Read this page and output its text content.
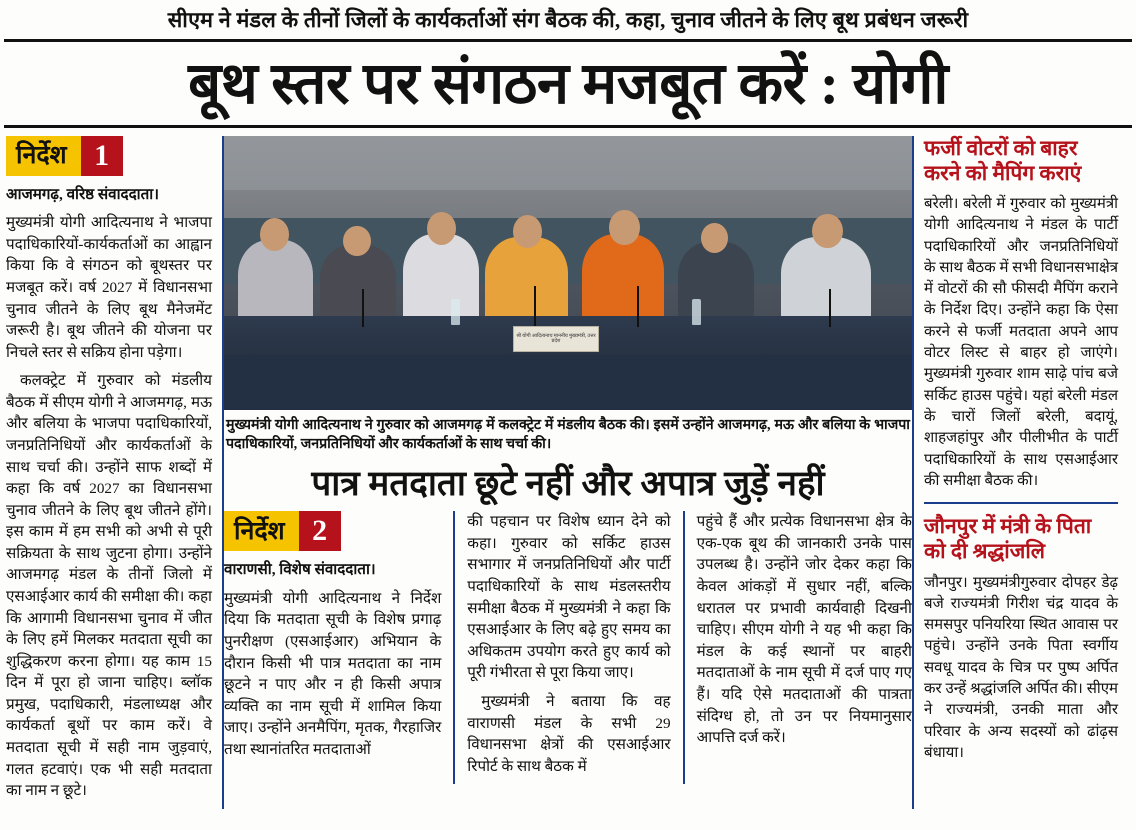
सीएम ने मंडल के तीनों जिलों के कार्यकर्ताओं संग बैठक की, कहा, चुनाव जीतने के लिए बूथ प्रबंधन जरूरी
बूथ स्तर पर संगठन मजबूत करें : योगी
निर्देश 1

आजमगढ़, वरिष्ठ संवाददाता।

मुख्यमंत्री योगी आदित्यनाथ ने भाजपा पदाधिकारियों-कार्यकर्ताओं का आह्वान किया कि वे संगठन को बूथस्तर पर मजबूत करें। वर्ष 2027 में विधानसभा चुनाव जीतने के लिए बूथ मैनेजमेंट जरूरी है। बूथ जीतने की योजना पर निचले स्तर से सक्रिय होना पड़ेगा।

कलक्ट्रेट में गुरुवार को मंडलीय बैठक में सीएम योगी ने आजमगढ़, मऊ और बलिया के भाजपा पदाधिकारियों, जनप्रतिनिधियों और कार्यकर्ताओं के साथ चर्चा की। उन्होंने साफ शब्दों में कहा कि वर्ष 2027 का विधानसभा चुनाव जीतने के लिए बूथ जीतने होंगे। इस काम में हम सभी को अभी से पूरी सक्रियता के साथ जुटना होगा। उन्होंने आजमगढ़ मंडल के तीनों जिलो में एसआईआर कार्य की समीक्षा की। कहा कि आगामी विधानसभा चुनाव में जीत के लिए हमें मिलकर मतदाता सूची का शुद्धिकरण करना होगा। यह काम 15 दिन में पूरा हो जाना चाहिए। ब्लॉक प्रमुख, पदाधिकारी, मंडलाध्यक्ष और कार्यकर्ता बूथों पर काम करें। वे मतदाता सूची में सही नाम जुड़वाएं, गलत हटवाएं। एक भी सही मतदाता का नाम न छूटे।

श्री योगी आदित्यनाथ माननीय मुख्यमंत्री, उत्तर प्रदेश
मुख्यमंत्री योगी आदित्यनाथ ने गुरुवार को आजमगढ़ में कलक्ट्रेट में मंडलीय बैठक की। इसमें उन्होंने आजमगढ़, मऊ और बलिया के भाजपा पदाधिकारियों, जनप्रतिनिधियों और कार्यकर्ताओं के साथ चर्चा की।
पात्र मतदाता छूटे नहीं और अपात्र जुड़ें नहीं
निर्देश 2

वाराणसी, विशेष संवाददाता।

मुख्यमंत्री योगी आदित्यनाथ ने निर्देश दिया कि मतदाता सूची के विशेष प्रगाढ़ पुनरीक्षण (एसआईआर) अभियान के दौरान किसी भी पात्र मतदाता का नाम छूटने न पाए और न ही किसी अपात्र व्यक्ति का नाम सूची में शामिल किया जाए। उन्होंने अनमैपिंग, मृतक, गैरहाजिर तथा स्थानांतरित मतदाताओं

की पहचान पर विशेष ध्यान देने को कहा। गुरुवार को सर्किट हाउस सभागार में जनप्रतिनिधियों और पार्टी पदाधिकारियों के साथ मंडलस्तरीय समीक्षा बैठक में मुख्यमंत्री ने कहा कि एसआईआर के लिए बढ़े हुए समय का अधिकतम उपयोग करते हुए कार्य को पूरी गंभीरता से पूरा किया जाए।

मुख्यमंत्री ने बताया कि वह वाराणसी मंडल के सभी 29 विधानसभा क्षेत्रों की एसआईआर रिपोर्ट के साथ बैठक में

पहुंचे हैं और प्रत्येक विधानसभा क्षेत्र के एक-एक बूथ की जानकारी उनके पास उपलब्ध है। उन्होंने जोर देकर कहा कि केवल आंकड़ों में सुधार नहीं, बल्कि धरातल पर प्रभावी कार्यवाही दिखनी चाहिए। सीएम योगी ने यह भी कहा कि मंडल के कई स्थानों पर बाहरी मतदाताओं के नाम सूची में दर्ज पाए गए हैं। यदि ऐसे मतदाताओं की पात्रता संदिग्ध हो, तो उन पर नियमानुसार आपत्ति दर्ज करें।

फर्जी वोटरों को बाहर करने को मैपिंग कराएं

बरेली। बरेली में गुरुवार को मुख्यमंत्री योगी आदित्यनाथ ने मंडल के पार्टी पदाधिकारियों और जनप्रतिनिधियों के साथ बैठक में सभी विधानसभाक्षेत्र में वोटरों की सौ फीसदी मैपिंग कराने के निर्देश दिए। उन्होंने कहा कि ऐसा करने से फर्जी मतदाता अपने आप वोटर लिस्ट से बाहर हो जाएंगे। मुख्यमंत्री गुरुवार शाम साढ़े पांच बजे सर्किट हाउस पहुंचे। यहां बरेली मंडल के चारों जिलों बरेली, बदायूं, शाहजहांपुर और पीलीभीत के पार्टी पदाधिकारियों के साथ एसआईआर की समीक्षा बैठक की।

जौनपुर में मंत्री के पिता को दी श्रद्धांजलि

जौनपुर। मुख्यमंत्रीगुरुवार दोपहर डेढ़ बजे राज्यमंत्री गिरीश चंद्र यादव के समसपुर पनियरिया स्थित आवास पर पहुंचे। उन्होंने उनके पिता स्वर्गीय सवधू यादव के चित्र पर पुष्प अर्पित कर उन्हें श्रद्धांजलि अर्पित की। सीएम ने राज्यमंत्री, उनकी माता और परिवार के अन्य सदस्यों को ढांढ़स बंधाया।
